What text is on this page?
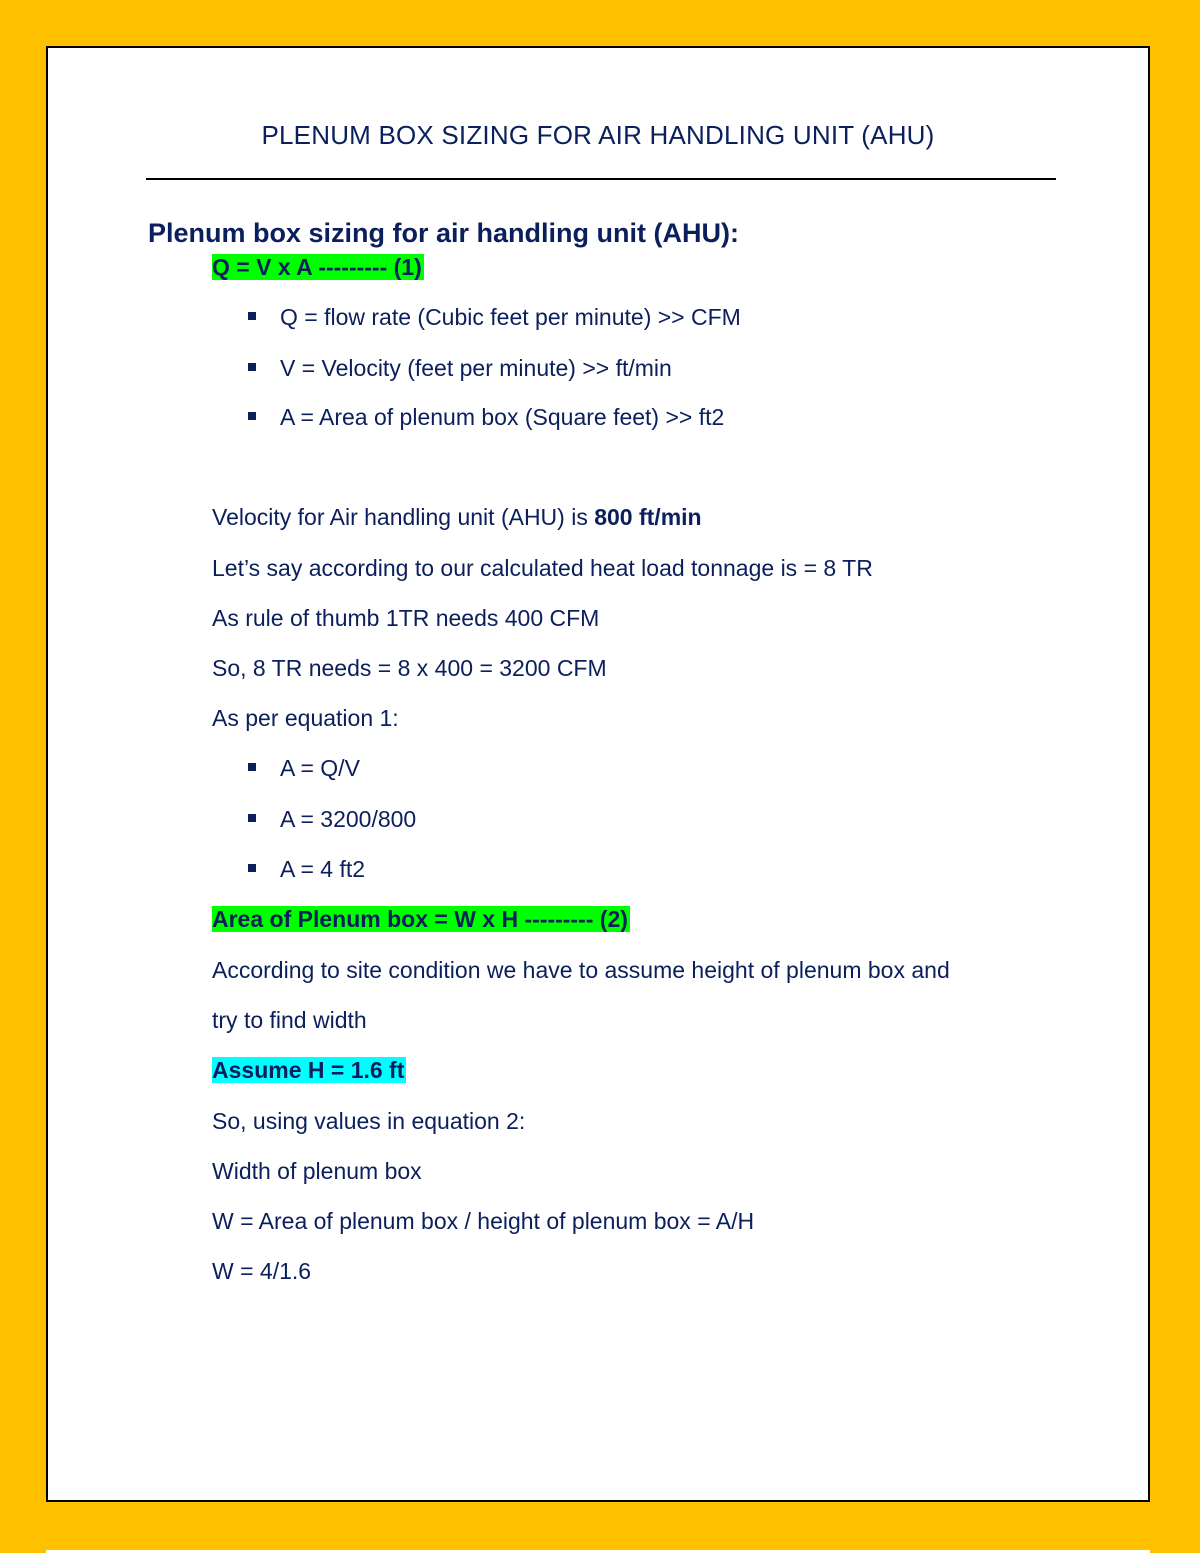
PLENUM BOX SIZING FOR AIR HANDLING UNIT (AHU)
Plenum box sizing for air handling unit (AHU):
Q = V x A --------- (1)
Q = flow rate (Cubic feet per minute) >> CFM
V = Velocity (feet per minute) >> ft/min
A = Area of plenum box (Square feet) >> ft2
Velocity for Air handling unit (AHU) is 800 ft/min
Let’s say according to our calculated heat load tonnage is = 8 TR
As rule of thumb 1TR needs 400 CFM
So, 8 TR needs = 8 x 400 = 3200 CFM
As per equation 1:
A = Q/V
A = 3200/800
A = 4 ft2
Area of Plenum box = W x H --------- (2)
According to site condition we have to assume height of plenum box and
try to find width
Assume H = 1.6 ft
So, using values in equation 2:
Width of plenum box
W = Area of plenum box / height of plenum box = A/H
W = 4/1.6
